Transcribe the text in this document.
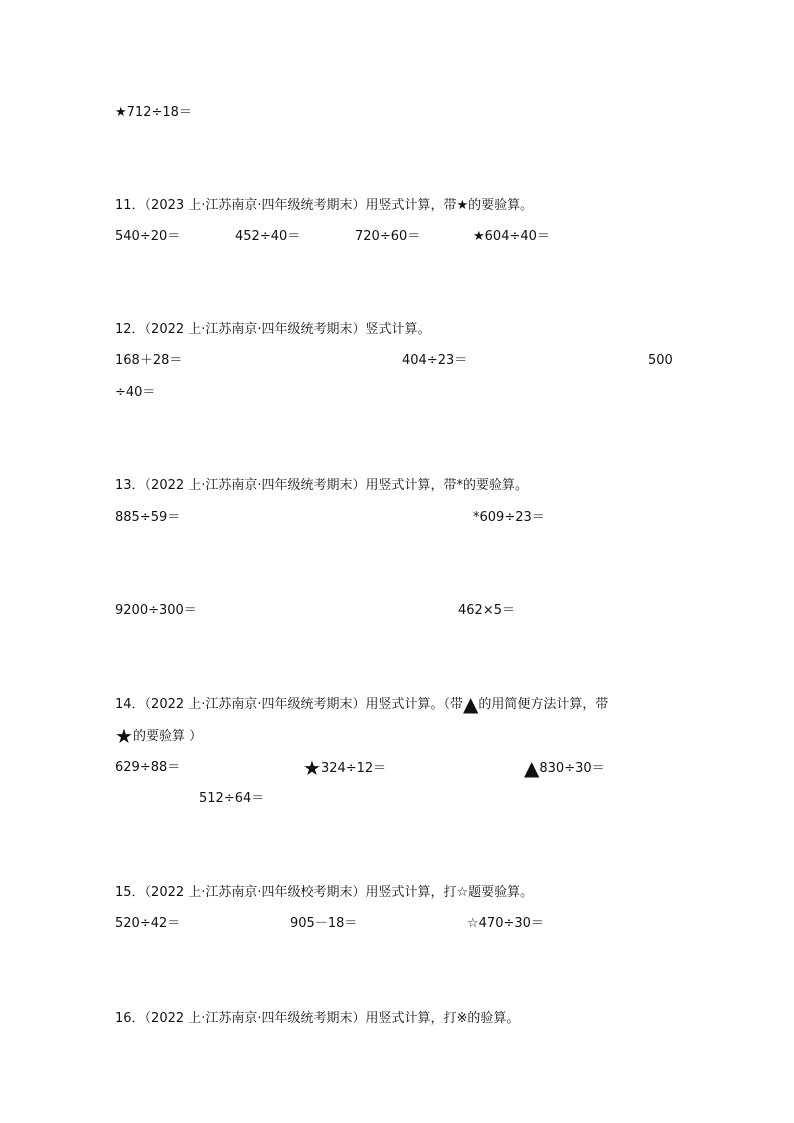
★712÷18＝
11．（2023 上·江苏南京·四年级统考期末）用竖式计算，带★的要验算。
540÷20＝	452÷40＝	720÷60＝	★604÷40＝
12．（2022 上·江苏南京·四年级统考期末）竖式计算。
168＋28＝	404÷23＝	500
÷40＝
13．（2022 上·江苏南京·四年级统考期末）用竖式计算，带*的要验算。
885÷59＝	*609÷23＝
9200÷300＝	462×5＝
14．（2022 上·江苏南京·四年级统考期末）用竖式计算。（带▲的用简便方法计算，带
★的要验算 ）
629÷88＝	★324÷12＝	▲830÷30＝
512÷64＝
15．（2022 上·江苏南京·四年级校考期末）用竖式计算，打☆题要验算。
520÷42＝	905－18＝	☆470÷30＝
16．（2022 上·江苏南京·四年级统考期末）用竖式计算，打※的验算。
